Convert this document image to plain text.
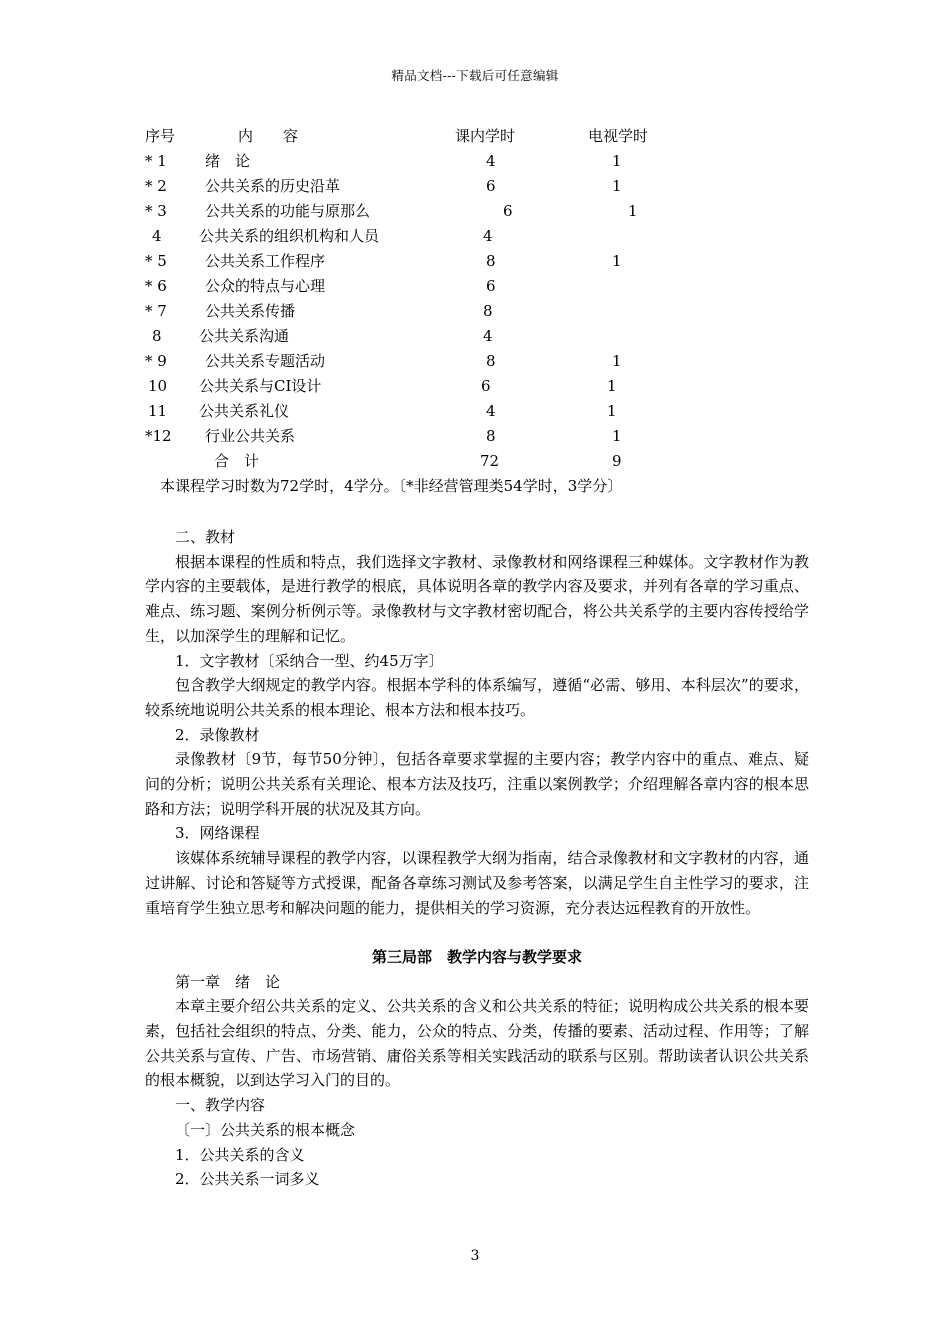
精品文档---下载后可任意编辑
序号	内　　容	课内学时	电视学时
* 1	绪　论	4	1
* 2	公共关系的历史沿革	6	1
* 3	公共关系的功能与原那么	6	1
4 公共关系的组织机构和人员	4
* 5	公共关系工作程序	8	1
* 6	公众的特点与心理	6
* 7	公共关系传播	8
8 公共关系沟通	4
* 9	公共关系专题活动	8	1
10 公共关系与CI设计	6	1
11 公共关系礼仪	4	1
*12 行业公共关系	8	1
合　计	72	9
本课程学习时数为72学时，4学分。〔*非经营管理类54学时，3学分〕

二、教材

根据本课程的性质和特点，我们选择文字教材、录像教材和网络课程三种媒体。文字教材作为教学内容的主要载体，是进行教学的根底，具体说明各章的教学内容及要求，并列有各章的学习重点、难点、练习题、案例分析例示等。录像教材与文字教材密切配合，将公共关系学的主要内容传授给学生，以加深学生的理解和记忆。

1．文字教材〔采纳合一型、约45万字〕

包含教学大纲规定的教学内容。根据本学科的体系编写，遵循“必需、够用、本科层次”的要求，较系统地说明公共关系的根本理论、根本方法和根本技巧。

2．录像教材

录像教材〔9节，每节50分钟〕，包括各章要求掌握的主要内容；教学内容中的重点、难点、疑问的分析；说明公共关系有关理论、根本方法及技巧，注重以案例教学；介绍理解各章内容的根本思路和方法；说明学科开展的状况及其方向。

3．网络课程

该媒体系统辅导课程的教学内容，以课程教学大纲为指南，结合录像教材和文字教材的内容，通过讲解、讨论和答疑等方式授课，配备各章练习测试及参考答案，以满足学生自主性学习的要求，注重培育学生独立思考和解决问题的能力，提供相关的学习资源，充分表达远程教育的开放性。

第三局部　教学内容与教学要求

第一章　绪　论

本章主要介绍公共关系的定义、公共关系的含义和公共关系的特征；说明构成公共关系的根本要素，包括社会组织的特点、分类、能力，公众的特点、分类，传播的要素、活动过程、作用等；了解公共关系与宣传、广告、市场营销、庸俗关系等相关实践活动的联系与区别。帮助读者认识公共关系的根本概貌，以到达学习入门的目的。

一、教学内容

〔一〕公共关系的根本概念

1．公共关系的含义

2．公共关系一词多义

3
